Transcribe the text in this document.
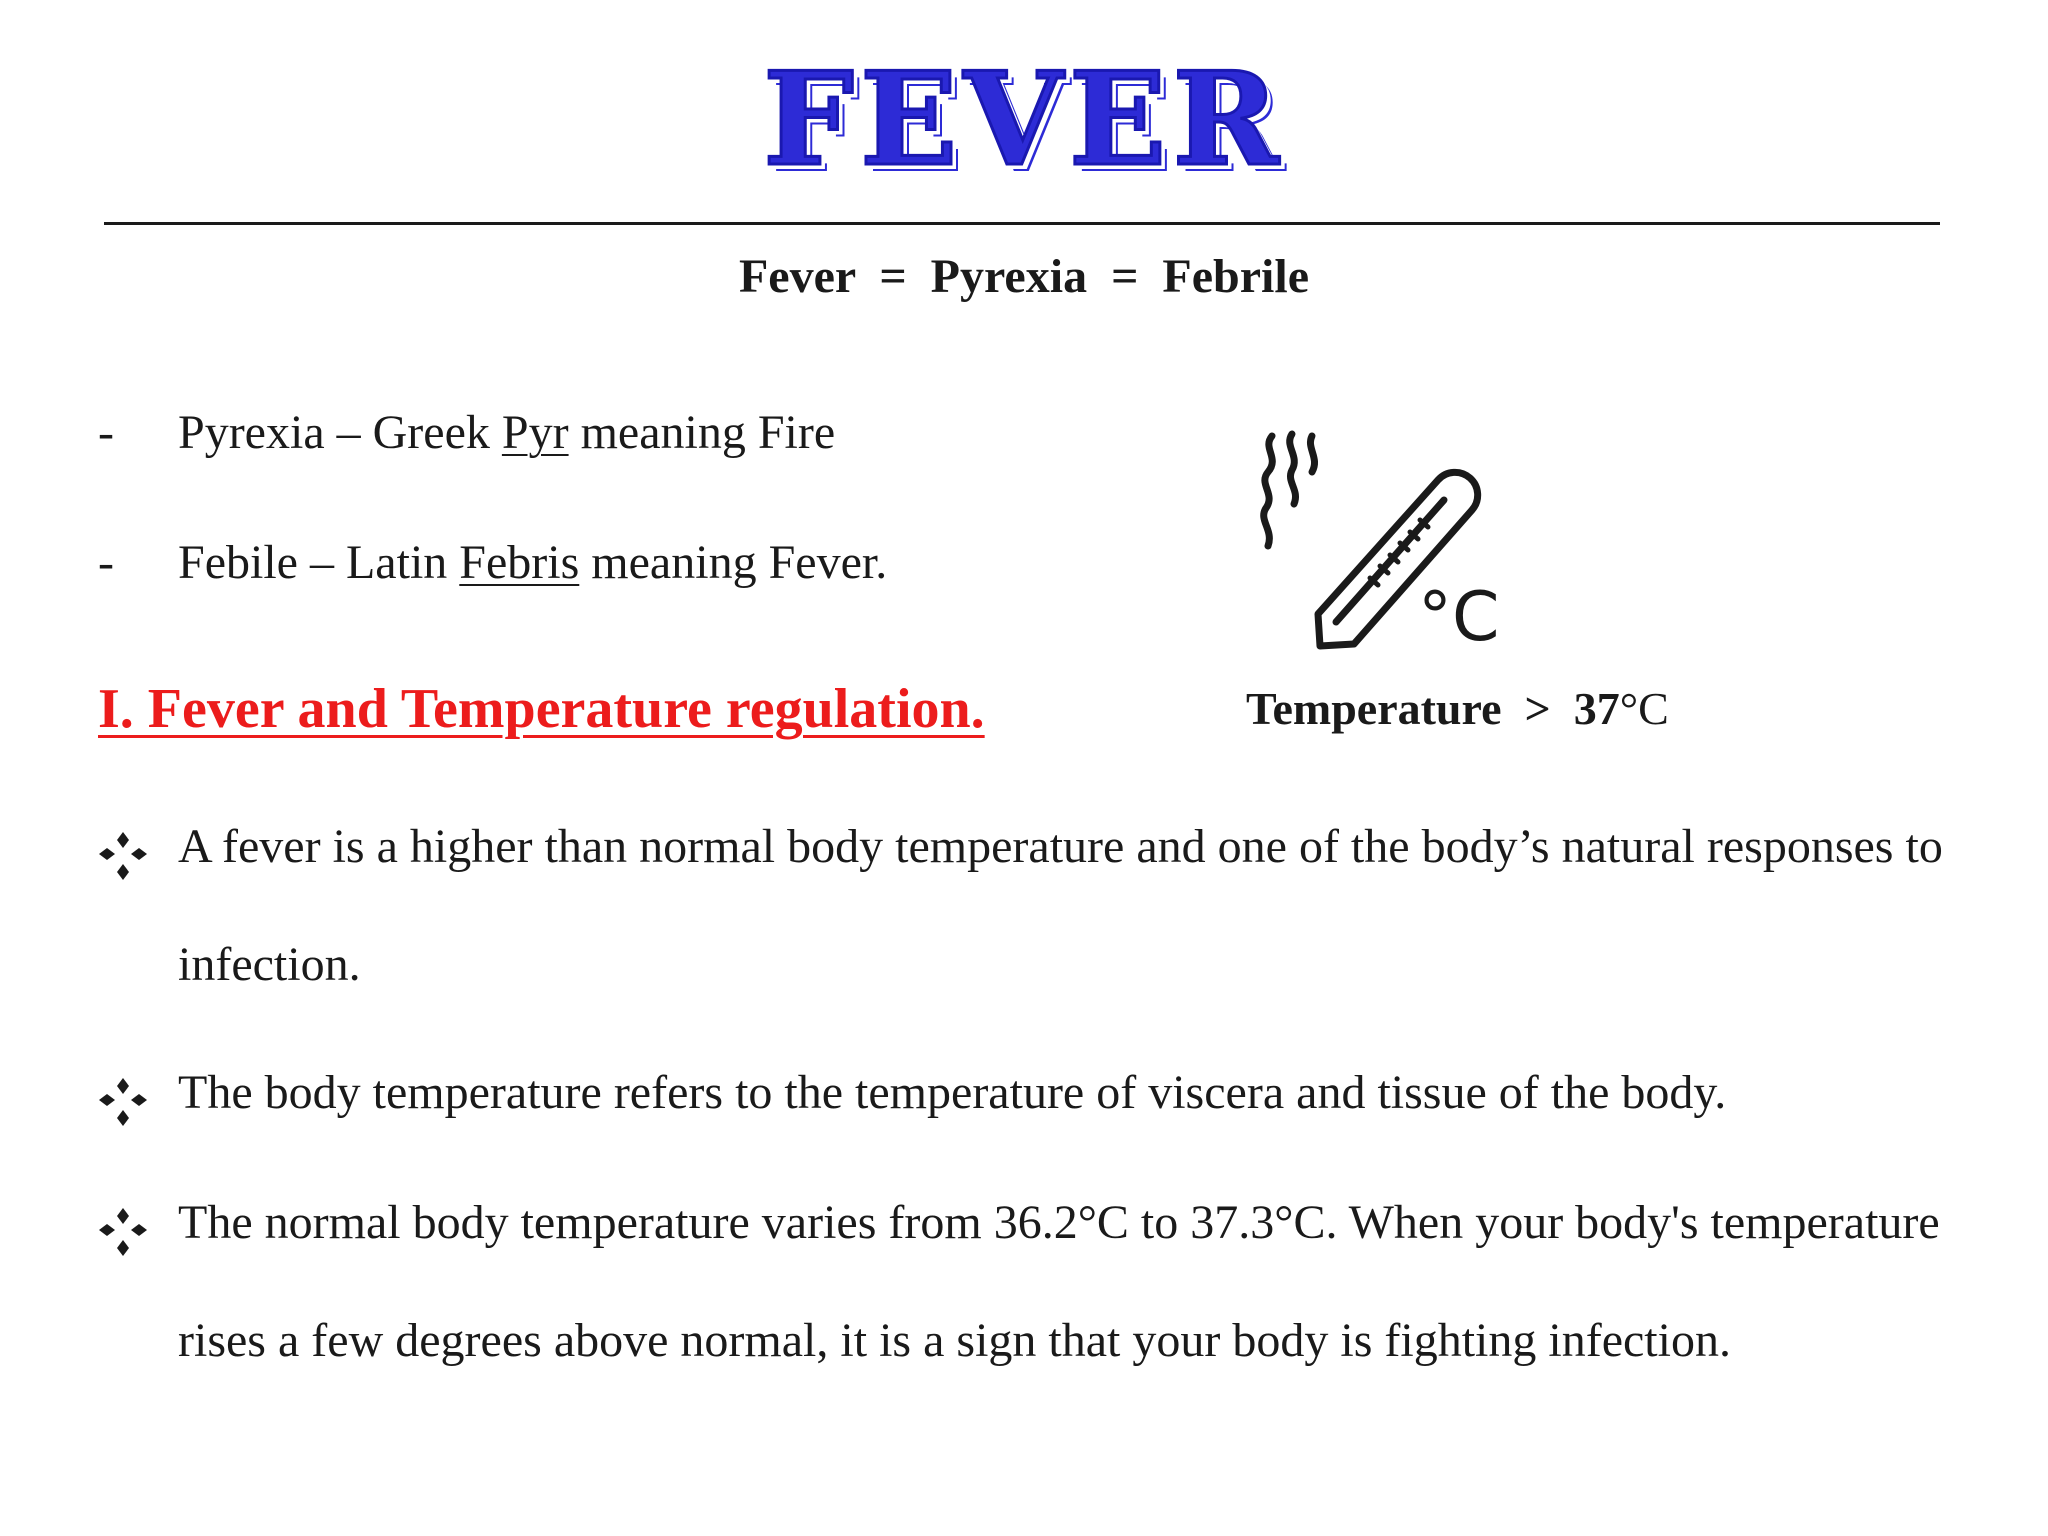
FEVER
Fever  =  Pyrexia  =  Febrile
- Pyrexia – Greek Pyr meaning Fire
- Febile – Latin Febris meaning Fever.
I. Fever and Temperature regulation.
°C
Temperature > 37°C
A fever is a higher than normal body temperature and one of the body’s natural responses to infection.
The body temperature refers to the temperature of viscera and tissue of the body.
The normal body temperature varies from 36.2°C to 37.3°C. When your body's temperature rises a few degrees above normal, it is a sign that your body is fighting infection.
